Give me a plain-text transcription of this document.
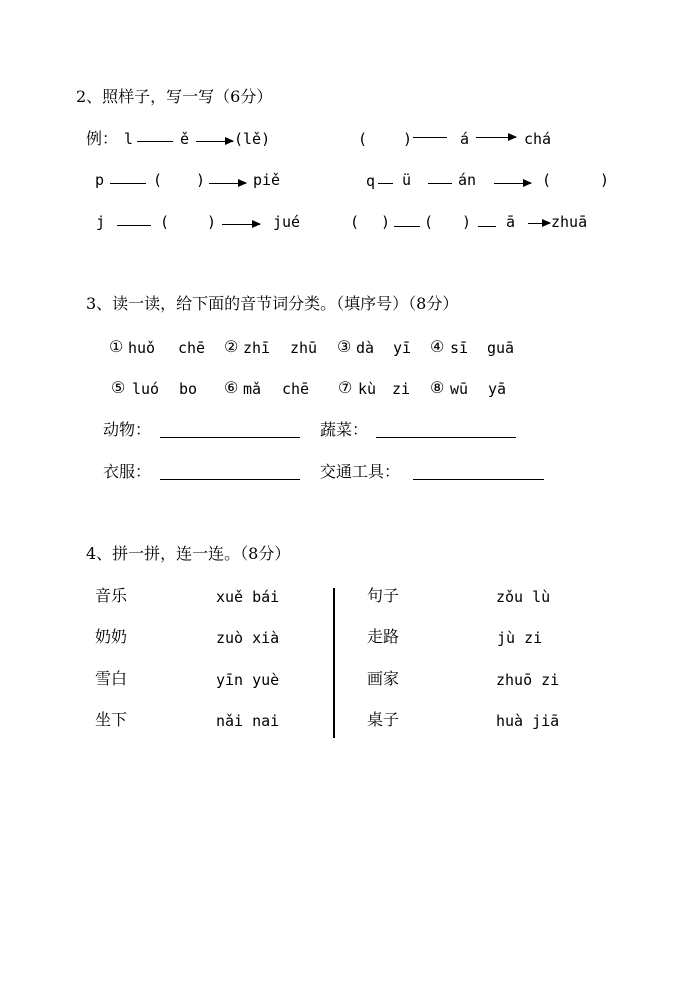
2、照样子，写一写（6分）
例： l	ě	(lě)	( )	á	chá
p	( )	piě	q ü	án	(	)
j	(	)	jué	( ) ( ) ā zhuā
3、读一读，给下面的音节词分类。（填序号）（8分）
① huǒ chē ② zhī zhū ③ dà yī ④ sī guā
⑤ luó bo ⑥ mǎ chē ⑦ kù zi ⑧ wū yā
动物：	蔬菜：
衣服：	交通工具：
4、拼一拼，连一连。（8分）
音乐	xuě bái	句子	zǒu lù
奶奶	zuò xià	走路	jù zi
雪白	yīn yuè	画家	zhuō zi
坐下	nǎi nai	桌子	huà jiā
